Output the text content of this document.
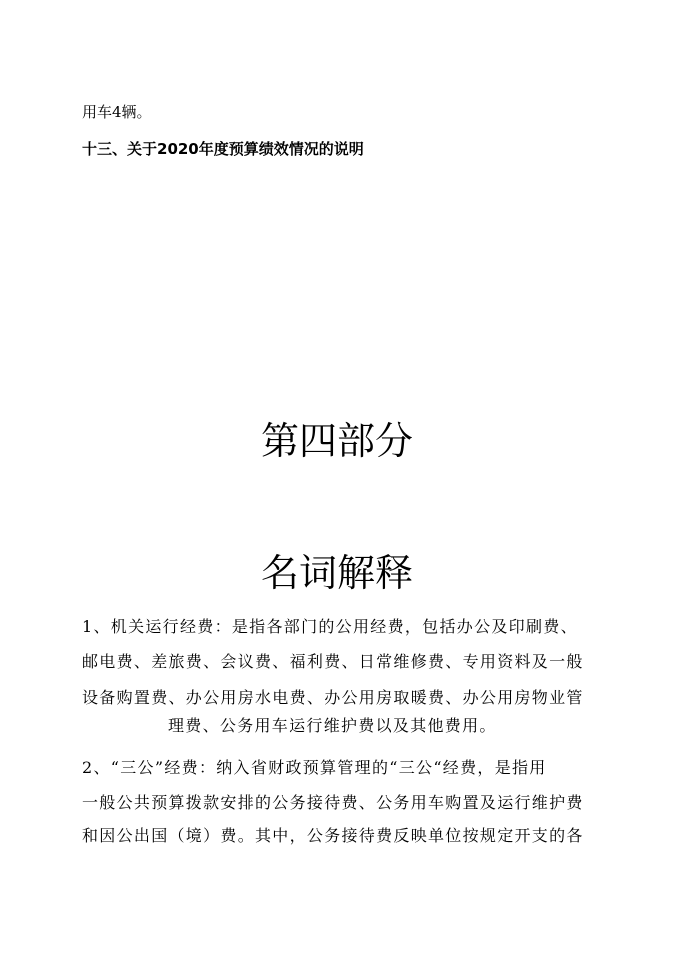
用车4辆。
十三、关于2020年度预算绩效情况的说明
第四部分
名词解释
1、机关运行经费：是指各部门的公用经费，包括办公及印刷费、
邮电费、差旅费、会议费、福利费、日常维修费、专用资料及一般
设备购置费、办公用房水电费、办公用房取暖费、办公用房物业管
理费、公务用车运行维护费以及其他费用。
2、“三公”经费：纳入省财政预算管理的“三公“经费，是指用
一般公共预算拨款安排的公务接待费、公务用车购置及运行维护费
和因公出国（境）费。其中，公务接待费反映单位按规定开支的各
